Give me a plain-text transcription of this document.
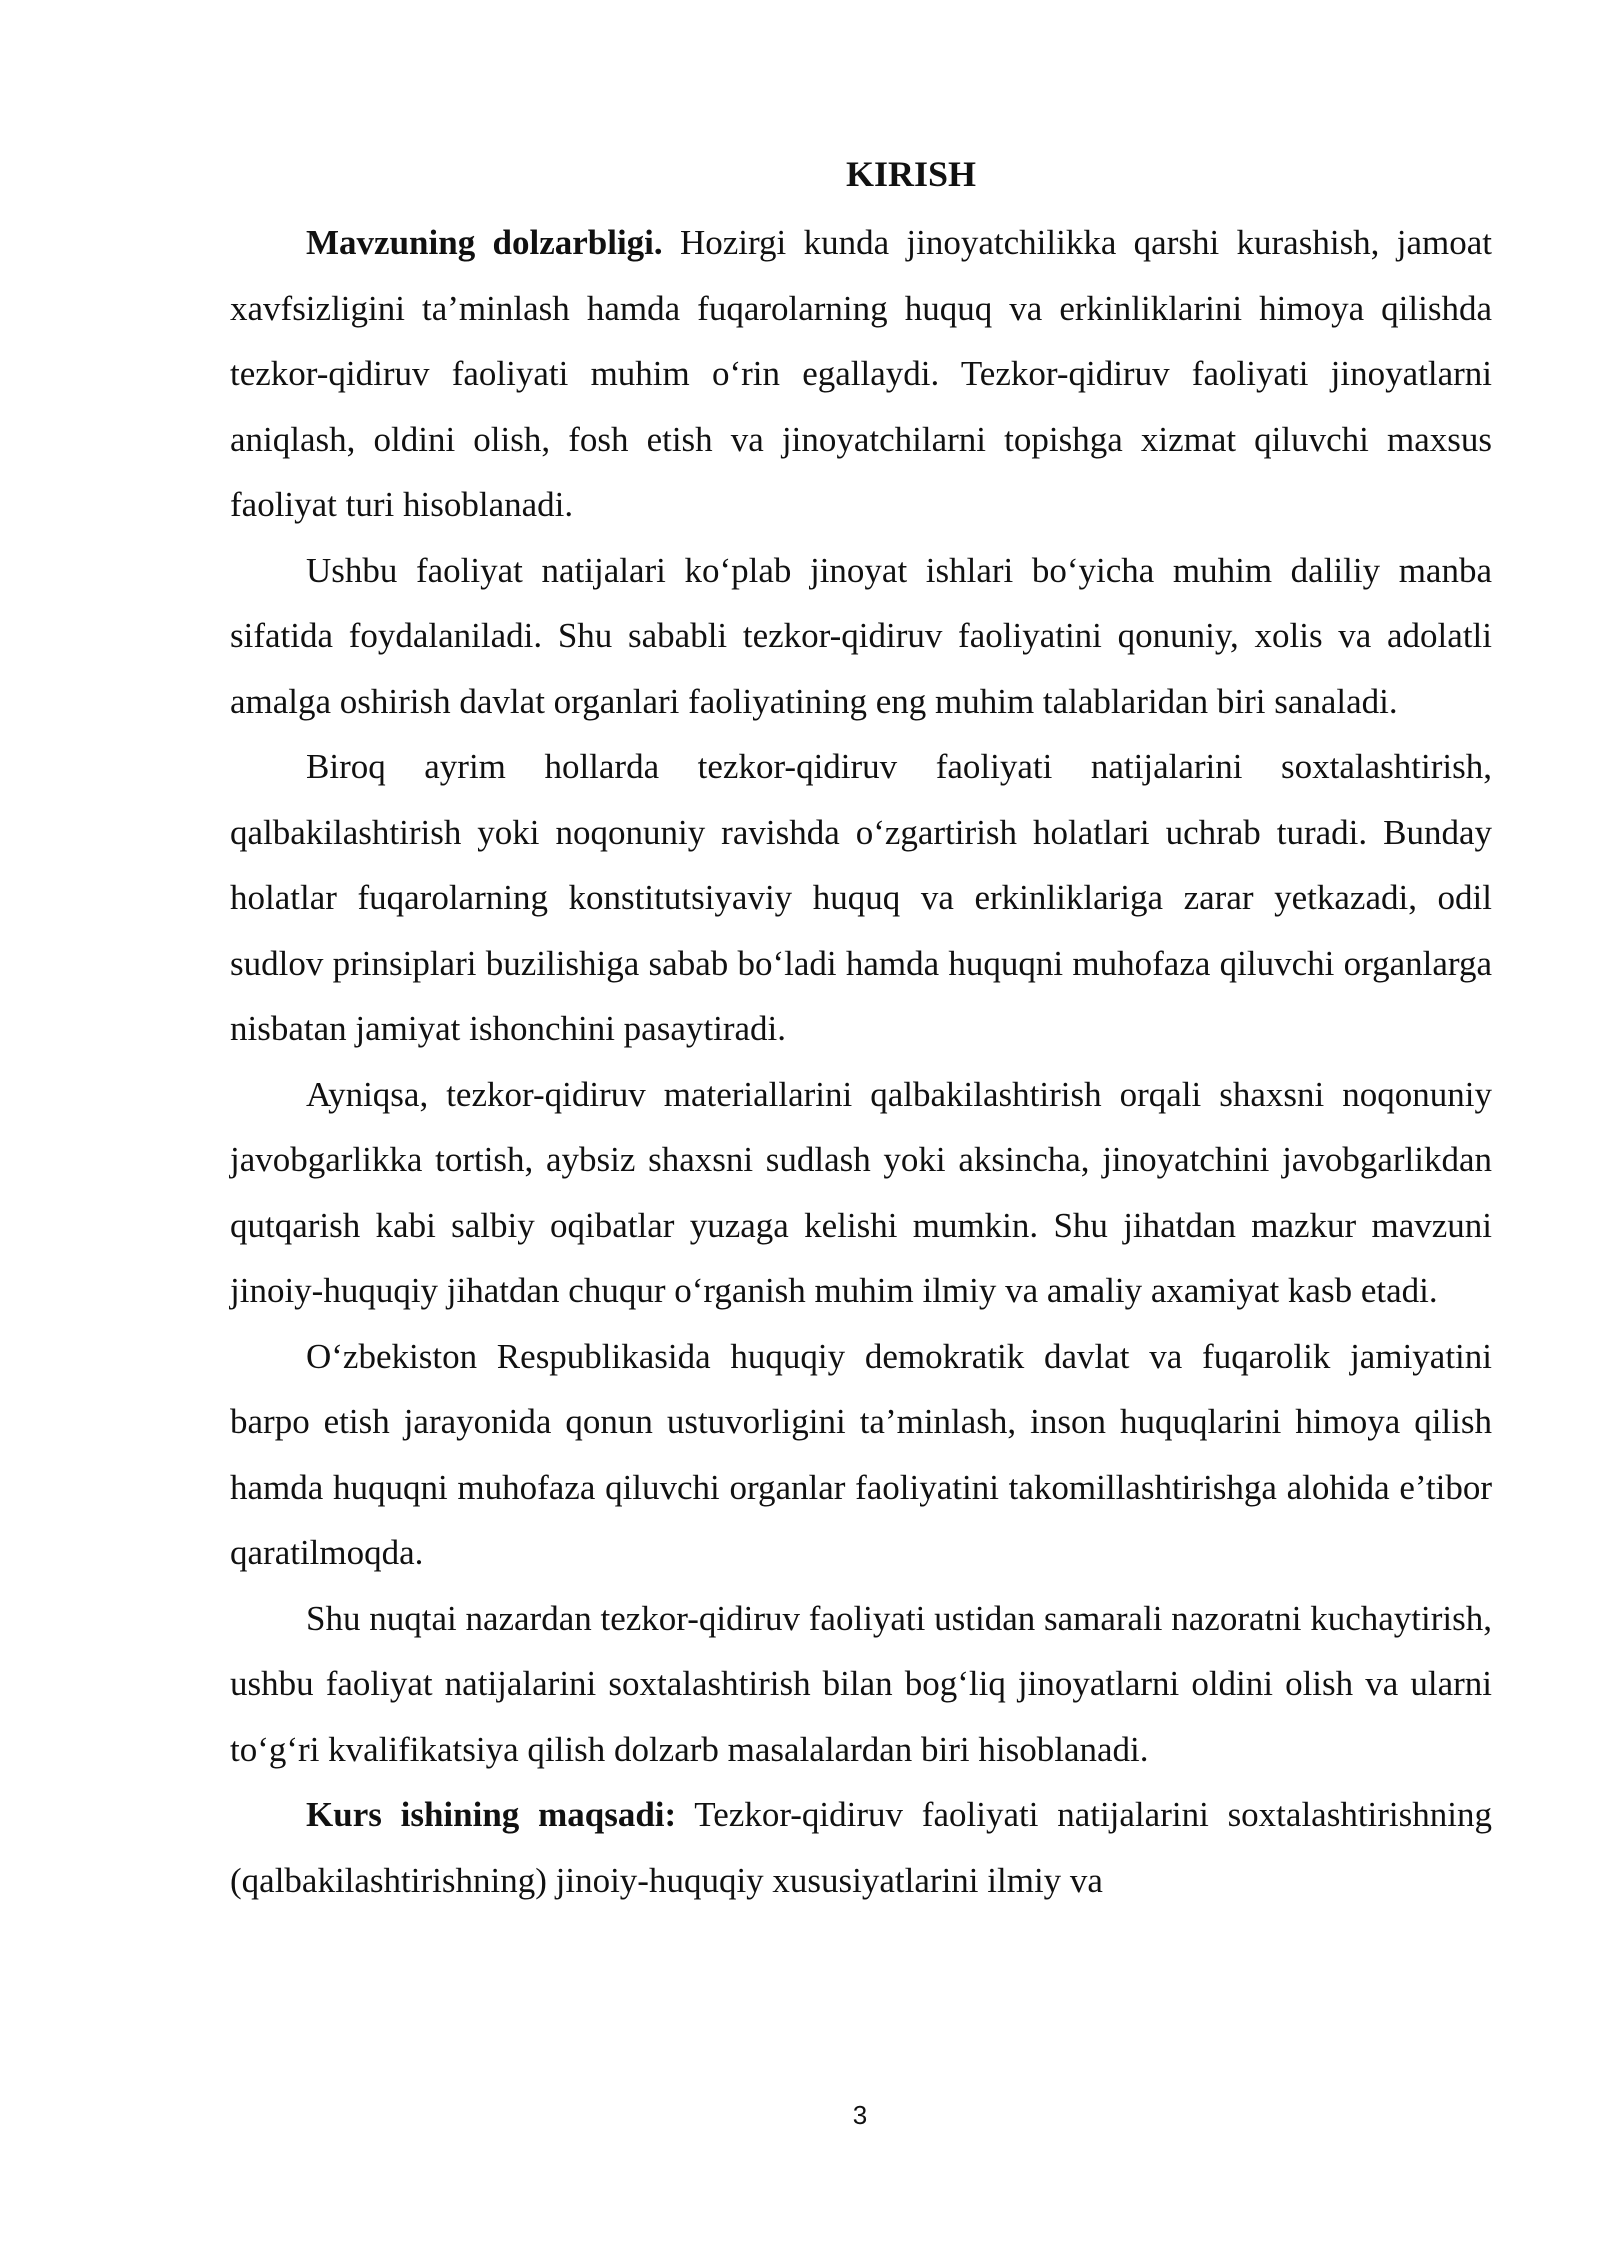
KIRISH

Mavzuning dolzarbligi. Hozirgi kunda jinoyatchilikka qarshi kurashish, jamoat xavfsizligini ta’minlash hamda fuqarolarning huquq va erkinliklarini himoya qilishda tezkor-qidiruv faoliyati muhim o‘rin egallaydi. Tezkor-qidiruv faoliyati jinoyatlarni aniqlash, oldini olish, fosh etish va jinoyatchilarni topishga xizmat qiluvchi maxsus faoliyat turi hisoblanadi.

Ushbu faoliyat natijalari ko‘plab jinoyat ishlari bo‘yicha muhim daliliy manba sifatida foydalaniladi. Shu sababli tezkor-qidiruv faoliyatini qonuniy, xolis va adolatli amalga oshirish davlat organlari faoliyatining eng muhim talablaridan biri sanaladi.

Biroq ayrim hollarda tezkor-qidiruv faoliyati natijalarini soxtalashtirish, qalbakilashtirish yoki noqonuniy ravishda o‘zgartirish holatlari uchrab turadi. Bunday holatlar fuqarolarning konstitutsiyaviy huquq va erkinliklariga zarar yetkazadi, odil sudlov prinsiplari buzilishiga sabab bo‘ladi hamda huquqni muhofaza qiluvchi organlarga nisbatan jamiyat ishonchini pasaytiradi.

Ayniqsa, tezkor-qidiruv materiallarini qalbakilashtirish orqali shaxsni noqonuniy javobgarlikka tortish, aybsiz shaxsni sudlash yoki aksincha, jinoyatchini javobgarlikdan qutqarish kabi salbiy oqibatlar yuzaga kelishi mumkin. Shu jihatdan mazkur mavzuni jinoiy-huquqiy jihatdan chuqur o‘rganish muhim ilmiy va amaliy axamiyat kasb etadi.

O‘zbekiston Respublikasida huquqiy demokratik davlat va fuqarolik jamiyatini barpo etish jarayonida qonun ustuvorligini ta’minlash, inson huquqlarini himoya qilish hamda huquqni muhofaza qiluvchi organlar faoliyatini takomillashtirishga alohida e’tibor qaratilmoqda.

Shu nuqtai nazardan tezkor-qidiruv faoliyati ustidan samarali nazoratni kuchaytirish, ushbu faoliyat natijalarini soxtalashtirish bilan bog‘liq jinoyatlarni oldini olish va ularni to‘g‘ri kvalifikatsiya qilish dolzarb masalalardan biri hisoblanadi.

Kurs ishining maqsadi: Tezkor-qidiruv faoliyati natijalarini soxtalashtirishning (qalbakilashtirishning) jinoiy-huquqiy xususiyatlarini ilmiy va

3
